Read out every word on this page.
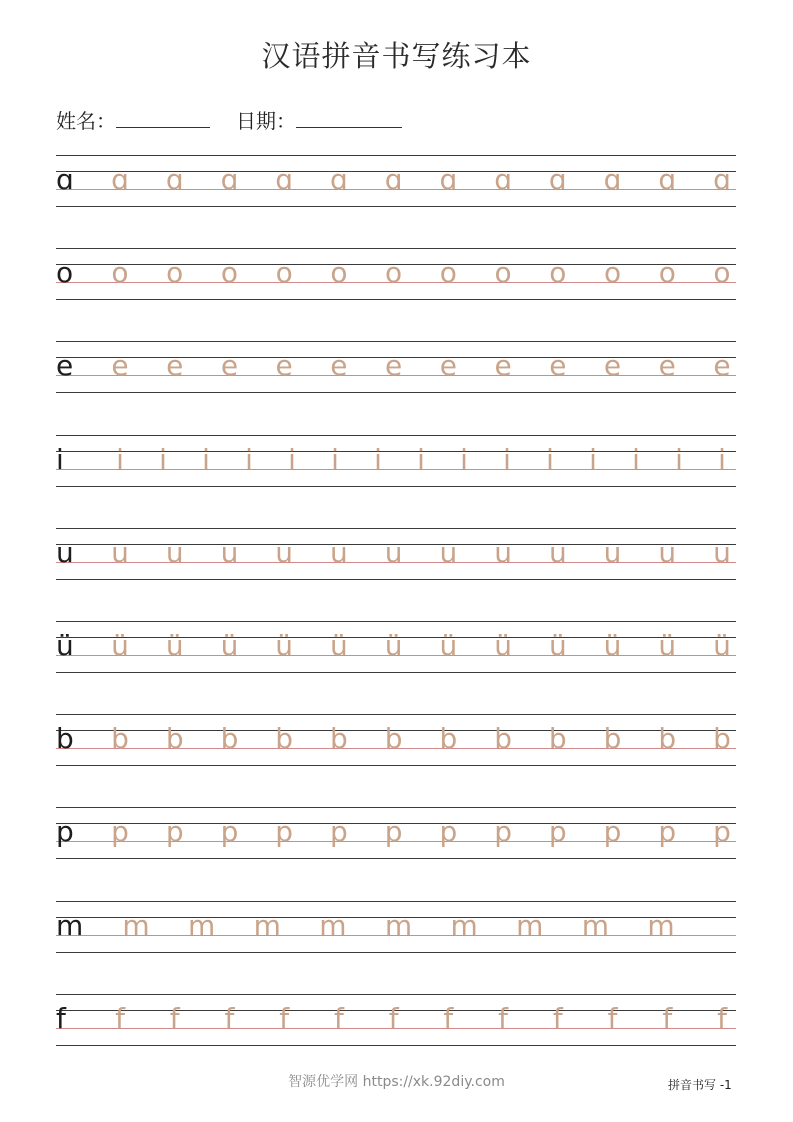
汉语拼音书写练习本
姓名：	日期：
ɑ ɑ ɑ ɑ ɑ ɑ ɑ ɑ ɑ ɑ ɑ ɑ ɑ
o o o o o o o o o o o o o
e e e e e e e e e e e e e
i i i i i i i i i i i i i i i i
u u u u u u u u u u u u u
ü ü ü ü ü ü ü ü ü ü ü ü ü
b b b b b b b b b b b b b
p p p p p p p p p p p p p
m m m m m m m m m m
f f f f f f f f f f f f f
智源优学网 https://xk.92diy.com	拼音书写 -1
